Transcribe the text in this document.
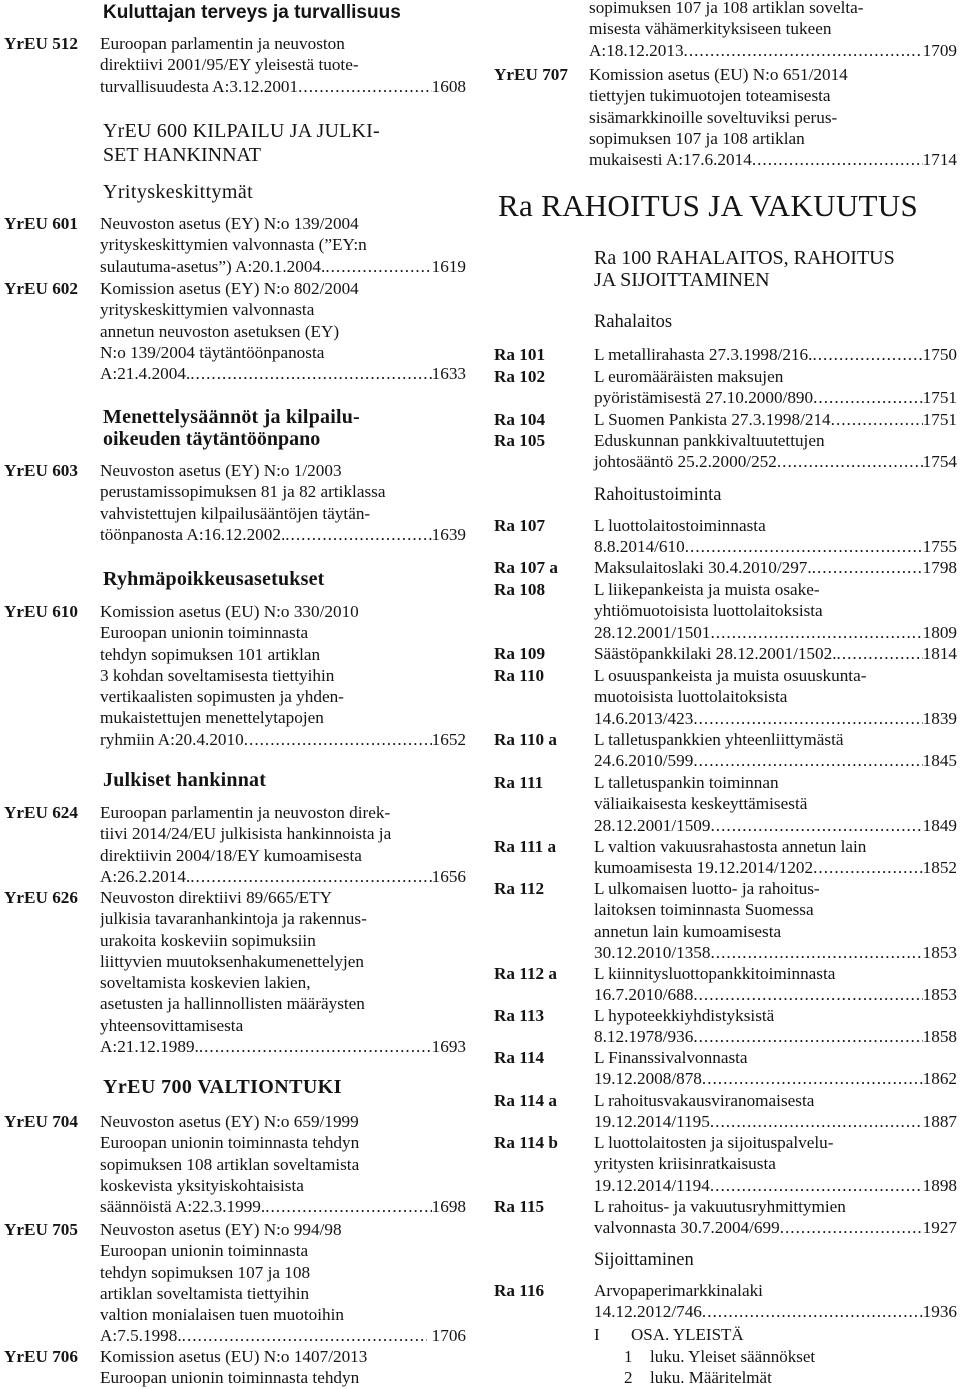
Kuluttajan terveys ja turvallisuus
YrEU 512 Euroopan parlamentin ja neuvoston
direktiivi 2001/95/EY yleisestä tuote-
turvallisuudesta A:3.12.2001 .....	1608
YrEU 600 KILPAILU JA JULKI-
SET HANKINNAT
Yrityskeskittymät
YrEU 601 Neuvoston asetus (EY) N:o 139/2004
yrityskeskittymien valvonnasta (”EY:n
sulautuma-asetus”) A:20.1.2004. .....	1619
YrEU 602 Komission asetus (EY) N:o 802/2004
yrityskeskittymien valvonnasta
annetun neuvoston asetuksen (EY)
N:o 139/2004 täytäntöönpanosta
A:21.4.2004. .....	1633
Menettelysäännöt ja kilpailu-
oikeuden täytäntöönpano
YrEU 603 Neuvoston asetus (EY) N:o 1/2003
perustamissopimuksen 81 ja 82 artiklassa
vahvistettujen kilpailusääntöjen täytän-
töönpanosta A:16.12.2002. .....	1639
Ryhmäpoikkeusasetukset
YrEU 610 Komission asetus (EU) N:o 330/2010
Euroopan unionin toiminnasta
tehdyn sopimuksen 101 artiklan
3 kohdan soveltamisesta tiettyihin
vertikaalisten sopimusten ja yhden-
mukaistettujen menettelytapojen
ryhmiin A:20.4.2010 .....	1652
Julkiset hankinnat
YrEU 624 Euroopan parlamentin ja neuvoston direk-
tiivi 2014/24/EU julkisista hankinnoista ja
direktiivin 2004/18/EY kumoamisesta
A:26.2.2014. .....	1656
YrEU 626 Neuvoston direktiivi 89/665/ETY
julkisia tavaranhankintoja ja rakennus-
urakoita koskeviin sopimuksiin
liittyvien muutoksenhakumenettelyjen
soveltamista koskevien lakien,
asetusten ja hallinnollisten määräysten
yhteensovittamisesta
A:21.12.1989. .....	1693
YrEU 700 VALTIONTUKI
YrEU 704 Neuvoston asetus (EY) N:o 659/1999
Euroopan unionin toiminnasta tehdyn
sopimuksen 108 artiklan soveltamista
koskevista yksityiskohtaisista
säännöistä A:22.3.1999. .....	1698
YrEU 705 Neuvoston asetus (EY) N:o 994/98
Euroopan unionin toiminnasta
tehdyn sopimuksen 107 ja 108
artiklan soveltamista tiettyihin
valtion monialaisen tuen muotoihin
A:7.5.1998. .....	1706
YrEU 706 Komission asetus (EU) N:o 1407/2013
Euroopan unionin toiminnasta tehdyn
sopimuksen 107 ja 108 artiklan sovelta-
misesta vähämerkityksiseen tukeen
A:18.12.2013 .....	1709
YrEU 707 Komission asetus (EU) N:o 651/2014
tiettyjen tukimuotojen toteamisesta
sisämarkkinoille soveltuviksi perus-
sopimuksen 107 ja 108 artiklan
mukaisesti A:17.6.2014 .....	1714
Ra RAHOITUS JA VAKUUTUS
Ra 100 RAHALAITOS, RAHOITUS
JA SIJOITTAMINEN
Rahalaitos
Ra 101	L metallirahasta 27.3.1998/216. .....	1750
Ra 102	L euromääräisten maksujen
pyöristämisestä 27.10.2000/890 .....	1751
Ra 104	L Suomen Pankista 27.3.1998/214 .....	1751
Ra 105	Eduskunnan pankkivaltuutettujen
johtosääntö 25.2.2000/252 .....	1754
Rahoitustoiminta
Ra 107	L luottolaitostoiminnasta
8.8.2014/610 .....	1755
Ra 107 a Maksulaitoslaki 30.4.2010/297. .....	1798
Ra 108	L liikepankeista ja muista osake-
yhtiömuotoisista luottolaitoksista
28.12.2001/1501 .....	1809
Ra 109	Säästöpankkilaki 28.12.2001/1502. .....	1814
Ra 110	L osuuspankeista ja muista osuuskunta-
muotoisista luottolaitoksista
14.6.2013/423 .....	1839
Ra 110 a L talletuspankkien yhteenliittymästä
24.6.2010/599 .....	1845
Ra 111	L talletuspankin toiminnan
väliaikaisesta keskeyttämisestä
28.12.2001/1509 .....	1849
Ra 111 a L valtion vakuusrahastosta annetun lain
kumoamisesta 19.12.2014/1202 .....	1852
Ra 112	L ulkomaisen luotto- ja rahoitus-
laitoksen toiminnasta Suomessa
annetun lain kumoamisesta
30.12.2010/1358 .....	1853
Ra 112 a L kiinnitysluottopankkitoiminnasta
16.7.2010/688 .....	1853
Ra 113	L hypoteekkiyhdistyksistä
8.12.1978/936 .....	1858
Ra 114	L Finanssivalvonnasta
19.12.2008/878 .....	1862
Ra 114 a L rahoitusvakausviranomaisesta
19.12.2014/1195 .....	1887
Ra 114 b L luottolaitosten ja sijoituspalvelu-
yritysten kriisinratkaisusta
19.12.2014/1194 .....	1898
Ra 115	L rahoitus- ja vakuutusryhmittymien
valvonnasta 30.7.2004/699 .....	1927
Sijoittaminen
Ra 116	Arvopaperimarkkinalaki
14.12.2012/746 .....	1936
I OSA. YLEISTÄ
1 luku. Yleiset säännökset
2 luku. Määritelmät
